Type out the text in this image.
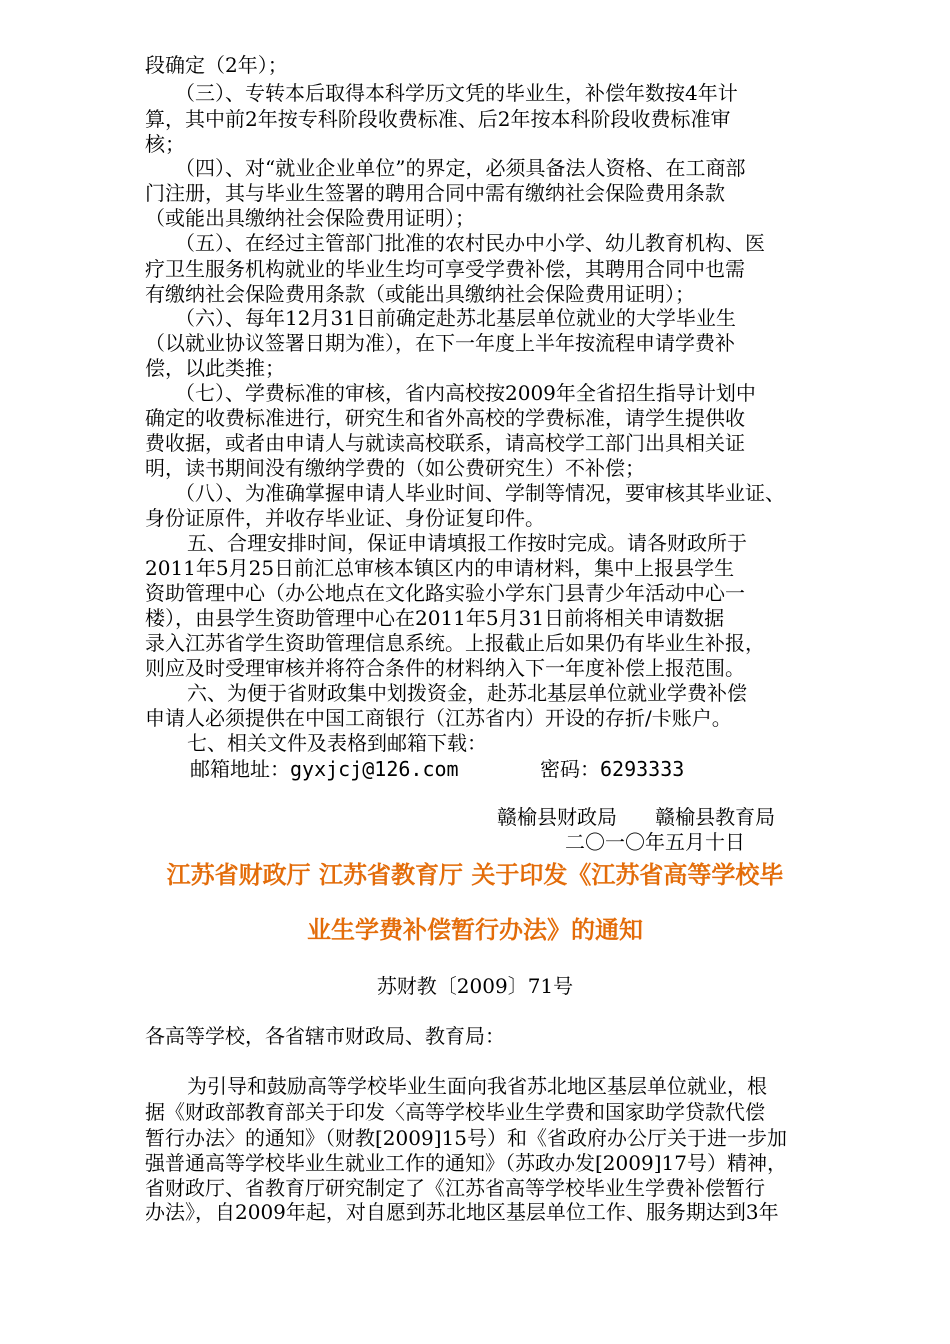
段确定（2年）；
（三）、专转本后取得本科学历文凭的毕业生，补偿年数按4年计
算，其中前2年按专科阶段收费标准、后2年按本科阶段收费标准审
核；
（四）、对“就业企业单位”的界定，必须具备法人资格、在工商部
门注册，其与毕业生签署的聘用合同中需有缴纳社会保险费用条款
（或能出具缴纳社会保险费用证明）；
（五）、在经过主管部门批准的农村民办中小学、幼儿教育机构、医
疗卫生服务机构就业的毕业生均可享受学费补偿，其聘用合同中也需
有缴纳社会保险费用条款（或能出具缴纳社会保险费用证明）；
（六）、每年12月31日前确定赴苏北基层单位就业的大学毕业生
（以就业协议签署日期为准），在下一年度上半年按流程申请学费补
偿，以此类推；
（七）、学费标准的审核，省内高校按2009年全省招生指导计划中
确定的收费标准进行，研究生和省外高校的学费标准，请学生提供收
费收据，或者由申请人与就读高校联系，请高校学工部门出具相关证
明，读书期间没有缴纳学费的（如公费研究生）不补偿；
（八）、为准确掌握申请人毕业时间、学制等情况，要审核其毕业证、
身份证原件，并收存毕业证、身份证复印件。
五、合理安排时间，保证申请填报工作按时完成。请各财政所于
2011年5月25日前汇总审核本镇区内的申请材料，集中上报县学生
资助管理中心（办公地点在文化路实验小学东门县青少年活动中心一
楼），由县学生资助管理中心在2011年5月31日前将相关申请数据
录入江苏省学生资助管理信息系统。上报截止后如果仍有毕业生补报，
则应及时受理审核并将符合条件的材料纳入下一年度补偿上报范围。
六、为便于省财政集中划拨资金，赴苏北基层单位就业学费补偿
申请人必须提供在中国工商银行（江苏省内）开设的存折/卡账户。
七、相关文件及表格到邮箱下载：
邮箱地址：gyxjcj@126.com	密码：6293333
赣榆县财政局      赣榆县教育局
二〇一〇年五月十日
江苏省财政厅 江苏省教育厅 关于印发《江苏省高等学校毕
业生学费补偿暂行办法》的通知
苏财教〔2009〕71号
各高等学校，各省辖市财政局、教育局：
为引导和鼓励高等学校毕业生面向我省苏北地区基层单位就业，根
据《财政部教育部关于印发〈高等学校毕业生学费和国家助学贷款代偿
暂行办法〉的通知》（财教[2009]15号）和《省政府办公厅关于进一步加
强普通高等学校毕业生就业工作的通知》（苏政办发[2009]17号）精神，
省财政厅、省教育厅研究制定了《江苏省高等学校毕业生学费补偿暂行
办法》，自2009年起，对自愿到苏北地区基层单位工作、服务期达到3年
